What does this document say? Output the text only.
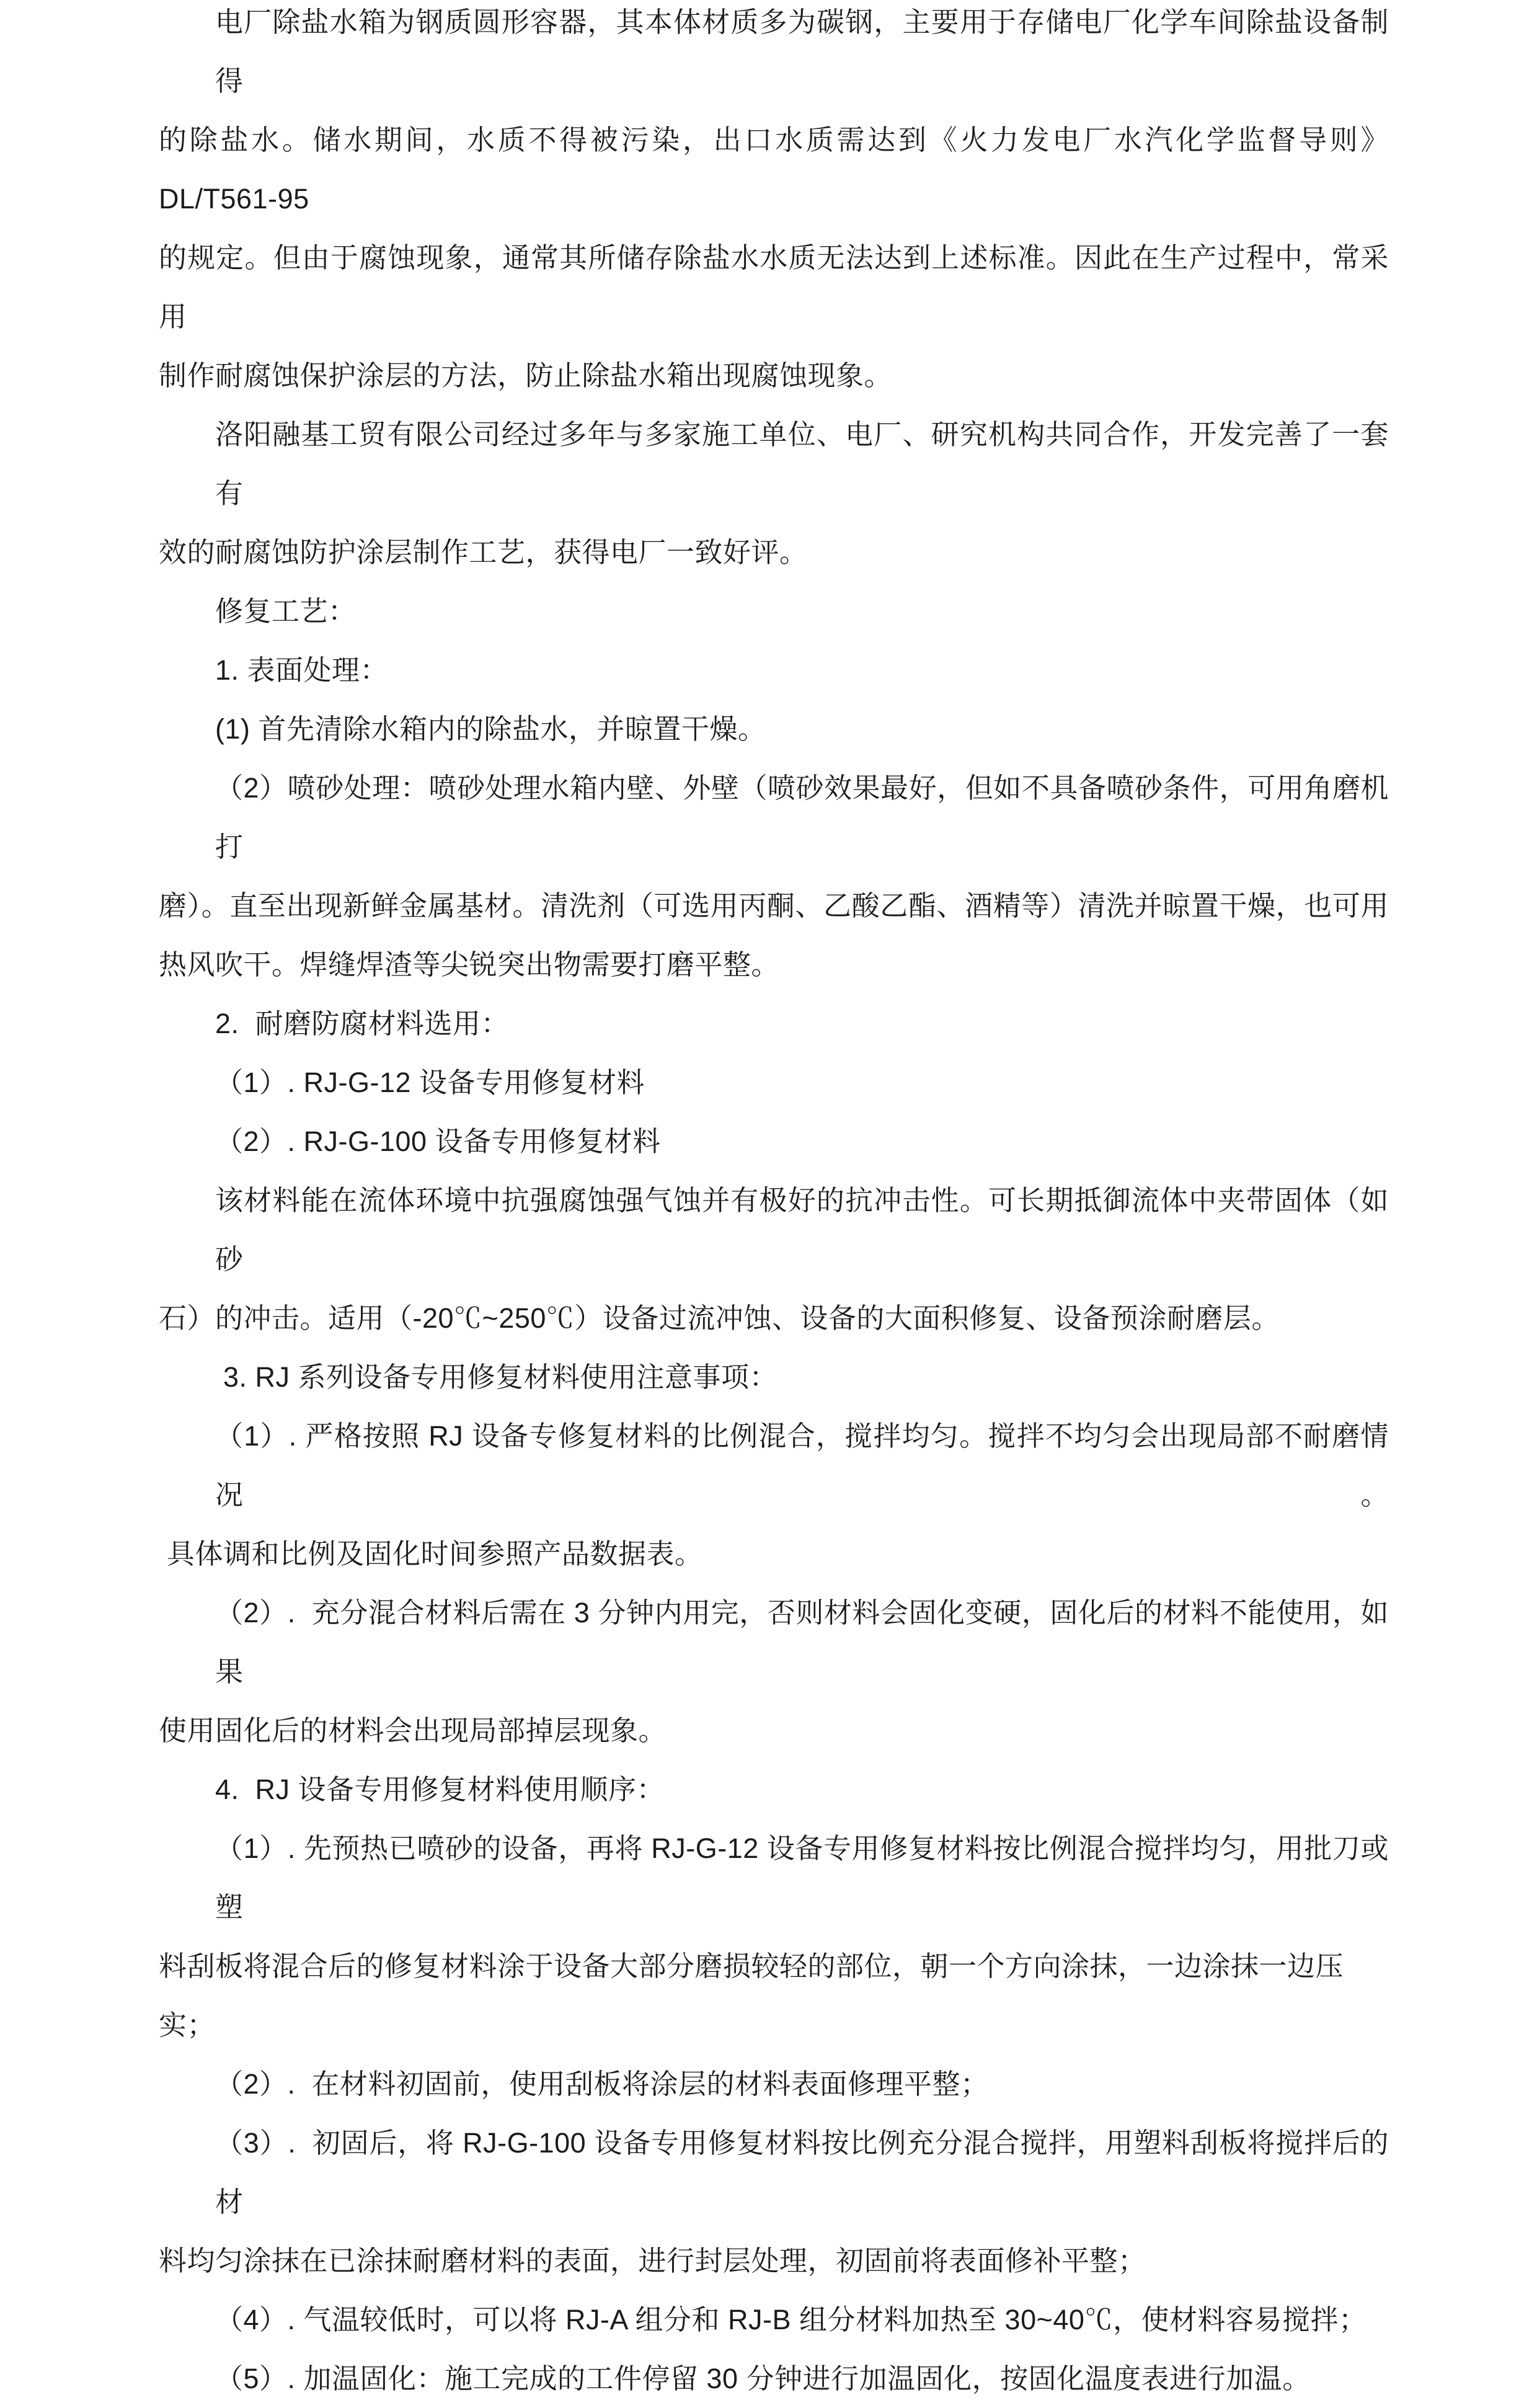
电厂除盐水箱为钢质圆形容器，其本体材质多为碳钢，主要用于存储电厂化学车间除盐设备制得
的除盐水。储水期间，水质不得被污染，出口水质需达到《火力发电厂水汽化学监督导则》DL/T561-95
的规定。但由于腐蚀现象，通常其所储存除盐水水质无法达到上述标准。因此在生产过程中，常采用
制作耐腐蚀保护涂层的方法，防止除盐水箱出现腐蚀现象。
洛阳融基工贸有限公司经过多年与多家施工单位、电厂、研究机构共同合作，开发完善了一套有
效的耐腐蚀防护涂层制作工艺，获得电厂一致好评。
修复工艺：
1. 表面处理：
(1) 首先清除水箱内的除盐水，并晾置干燥。
（2）喷砂处理：喷砂处理水箱内壁、外壁（喷砂效果最好，但如不具备喷砂条件，可用角磨机打
磨）。直至出现新鲜金属基材。清洗剂（可选用丙酮、乙酸乙酯、酒精等）清洗并晾置干燥，也可用
热风吹干。焊缝焊渣等尖锐突出物需要打磨平整。
2.  耐磨防腐材料选用：
（1）. RJ-G-12 设备专用修复材料
（2）. RJ-G-100 设备专用修复材料
该材料能在流体环境中抗强腐蚀强气蚀并有极好的抗冲击性。可长期抵御流体中夹带固体（如砂
石）的冲击。适用（-20℃~250℃）设备过流冲蚀、设备的大面积修复、设备预涂耐磨层。
3. RJ 系列设备专用修复材料使用注意事项：
（1）. 严格按照 RJ 设备专修复材料的比例混合，搅拌均匀。搅拌不均匀会出现局部不耐磨情况。
具体调和比例及固化时间参照产品数据表。
（2）.  充分混合材料后需在 3 分钟内用完，否则材料会固化变硬，固化后的材料不能使用，如果
使用固化后的材料会出现局部掉层现象。
4.  RJ 设备专用修复材料使用顺序：
（1）. 先预热已喷砂的设备，再将 RJ-G-12 设备专用修复材料按比例混合搅拌均匀，用批刀或塑
料刮板将混合后的修复材料涂于设备大部分磨损较轻的部位，朝一个方向涂抹，一边涂抹一边压实；
（2）.  在材料初固前，使用刮板将涂层的材料表面修理平整；
（3）.  初固后，将 RJ-G-100 设备专用修复材料按比例充分混合搅拌，用塑料刮板将搅拌后的材
料均匀涂抹在已涂抹耐磨材料的表面，进行封层处理，初固前将表面修补平整；
（4）. 气温较低时，可以将 RJ-A 组分和 RJ-B 组分材料加热至 30~40℃，使材料容易搅拌；
（5）. 加温固化：施工完成的工件停留 30 分钟进行加温固化，按固化温度表进行加温。
